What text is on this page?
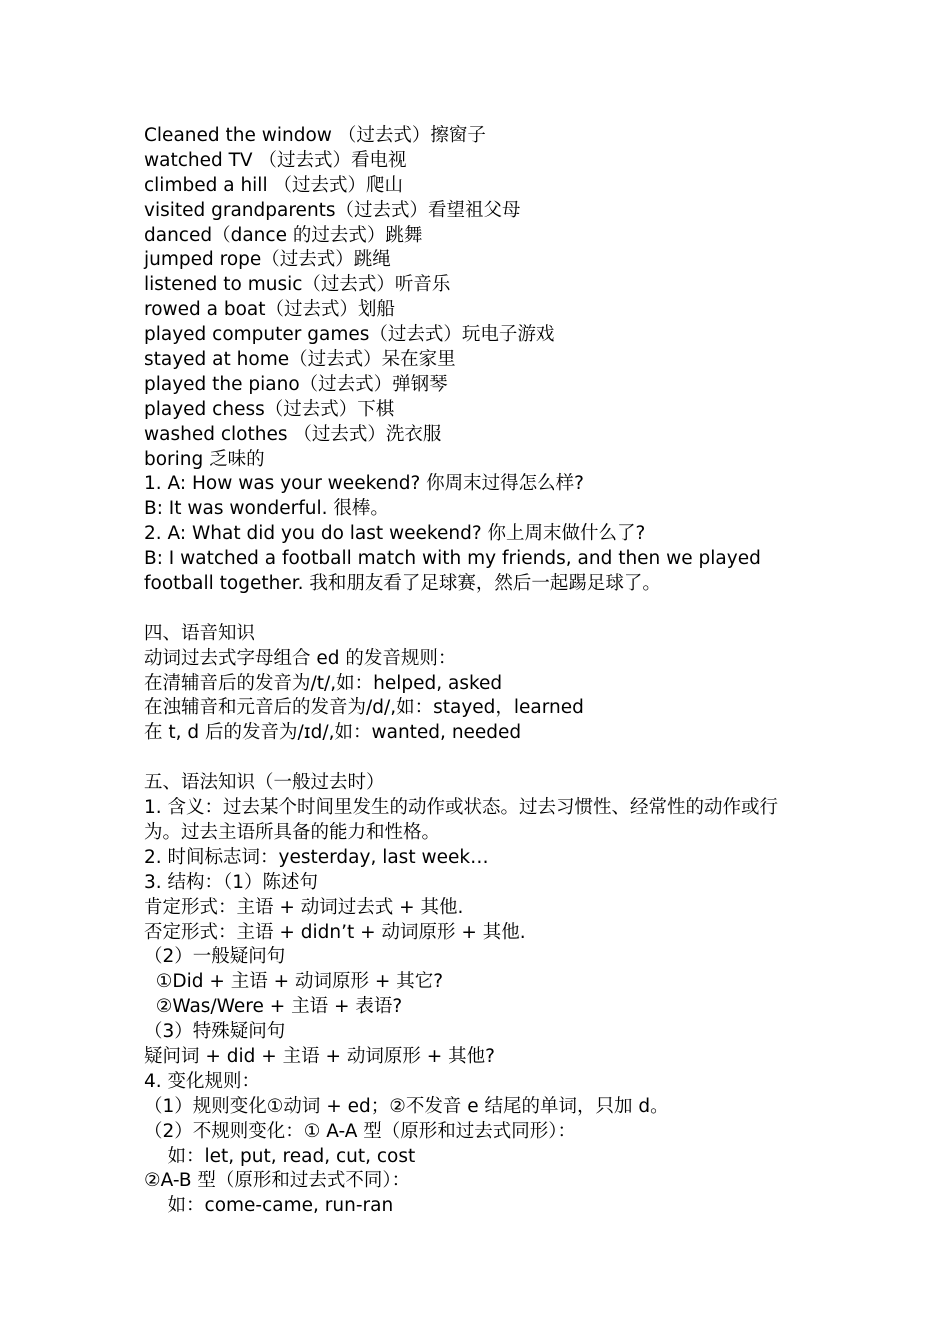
Cleaned the window （过去式）擦窗子
watched TV （过去式）看电视
climbed a hill （过去式）爬山
visited grandparents（过去式）看望祖父母
danced（dance 的过去式）跳舞
jumped rope（过去式）跳绳
listened to music（过去式）听音乐
rowed a boat（过去式）划船
played computer games（过去式）玩电子游戏
stayed at home（过去式）呆在家里
played the piano（过去式）弹钢琴
played chess（过去式）下棋
washed clothes （过去式）洗衣服
boring 乏味的
1. A: How was your weekend? 你周末过得怎么样?
B: It was wonderful. 很棒。
2. A: What did you do last weekend? 你上周末做什么了?
B: I watched a football match with my friends, and then we played
football together. 我和朋友看了足球赛，然后一起踢足球了。
四、语音知识
动词过去式字母组合 ed 的发音规则：
在清辅音后的发音为/t/,如：helped, asked
在浊辅音和元音后的发音为/d/,如：stayed，learned
在 t, d 后的发音为/ɪd/,如：wanted, needed
五、语法知识（一般过去时）
1. 含义：过去某个时间里发生的动作或状态。过去习惯性、经常性的动作或行
为。过去主语所具备的能力和性格。
2. 时间标志词：yesterday, last week…
3. 结构：（1）陈述句
肯定形式：主语 + 动词过去式 + 其他.
否定形式：主语 + didn’t + 动词原形 + 其他.
（2）一般疑问句
①Did + 主语 + 动词原形 + 其它?
②Was/Were + 主语 + 表语?
（3）特殊疑问句
疑问词 + did + 主语 + 动词原形 + 其他?
4. 变化规则：
（1）规则变化①动词 + ed；②不发音 e 结尾的单词，只加 d。
（2）不规则变化：① A-A 型（原形和过去式同形）：
如：let, put, read, cut, cost
②A-B 型（原形和过去式不同）：
如：come-came, run-ran
